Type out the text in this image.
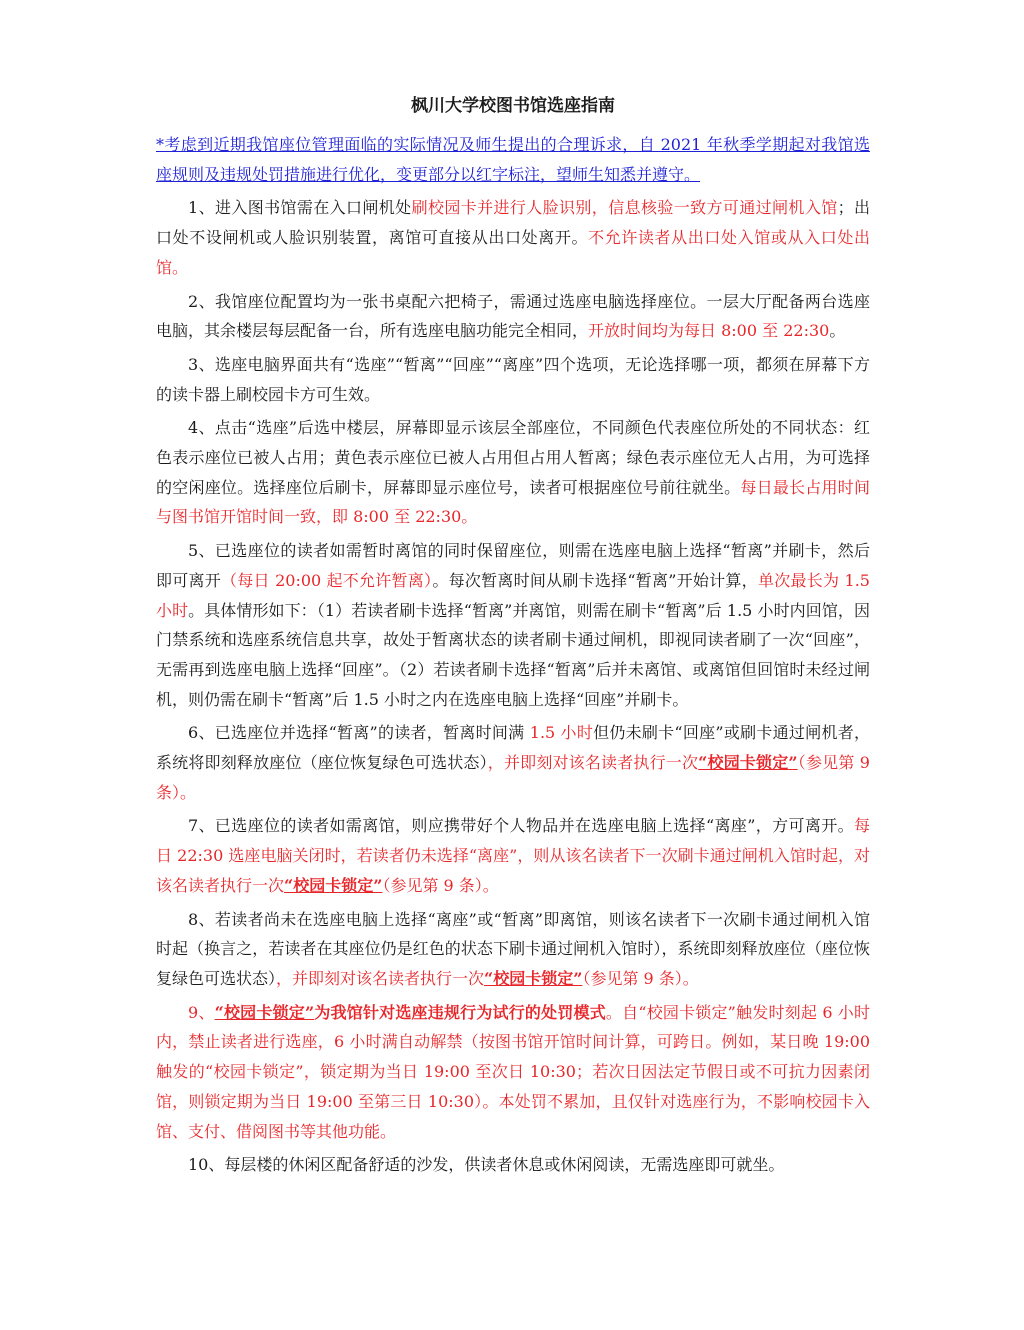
枫川大学校图书馆选座指南
*考虑到近期我馆座位管理面临的实际情况及师生提出的合理诉求，自 2021 年秋季学期起对我馆选座规则及违规处罚措施进行优化，变更部分以红字标注，望师生知悉并遵守。

1、进入图书馆需在入口闸机处刷校园卡并进行人脸识别，信息核验一致方可通过闸机入馆；出口处不设闸机或人脸识别装置，离馆可直接从出口处离开。不允许读者从出口处入馆或从入口处出馆。

2、我馆座位配置均为一张书桌配六把椅子，需通过选座电脑选择座位。一层大厅配备两台选座电脑，其余楼层每层配备一台，所有选座电脑功能完全相同，开放时间均为每日 8:00 至 22:30。

3、选座电脑界面共有“选座”“暂离”“回座”“离座”四个选项，无论选择哪一项，都须在屏幕下方的读卡器上刷校园卡方可生效。

4、点击“选座”后选中楼层，屏幕即显示该层全部座位，不同颜色代表座位所处的不同状态：红色表示座位已被人占用；黄色表示座位已被人占用但占用人暂离；绿色表示座位无人占用，为可选择的空闲座位。选择座位后刷卡，屏幕即显示座位号，读者可根据座位号前往就坐。每日最长占用时间与图书馆开馆时间一致，即 8:00 至 22:30。

5、已选座位的读者如需暂时离馆的同时保留座位，则需在选座电脑上选择“暂离”并刷卡，然后即可离开（每日 20:00 起不允许暂离）。每次暂离时间从刷卡选择“暂离”开始计算，单次最长为 1.5 小时。具体情形如下：（1）若读者刷卡选择“暂离”并离馆，则需在刷卡“暂离”后 1.5 小时内回馆，因门禁系统和选座系统信息共享，故处于暂离状态的读者刷卡通过闸机，即视同读者刷了一次“回座”，无需再到选座电脑上选择“回座”。（2）若读者刷卡选择“暂离”后并未离馆、或离馆但回馆时未经过闸机，则仍需在刷卡“暂离”后 1.5 小时之内在选座电脑上选择“回座”并刷卡。

6、已选座位并选择“暂离”的读者，暂离时间满 1.5 小时但仍未刷卡“回座”或刷卡通过闸机者，系统将即刻释放座位（座位恢复绿色可选状态），并即刻对该名读者执行一次“校园卡锁定”（参见第 9 条）。

7、已选座位的读者如需离馆，则应携带好个人物品并在选座电脑上选择“离座”，方可离开。每日 22:30 选座电脑关闭时，若读者仍未选择“离座”，则从该名读者下一次刷卡通过闸机入馆时起，对该名读者执行一次“校园卡锁定”（参见第 9 条）。

8、若读者尚未在选座电脑上选择“离座”或“暂离”即离馆，则该名读者下一次刷卡通过闸机入馆时起（换言之，若读者在其座位仍是红色的状态下刷卡通过闸机入馆时），系统即刻释放座位（座位恢复绿色可选状态），并即刻对该名读者执行一次“校园卡锁定”（参见第 9 条）。

9、“校园卡锁定”为我馆针对选座违规行为试行的处罚模式。自“校园卡锁定”触发时刻起 6 小时内，禁止读者进行选座，6 小时满自动解禁（按图书馆开馆时间计算，可跨日。例如，某日晚 19:00 触发的“校园卡锁定”，锁定期为当日 19:00 至次日 10:30；若次日因法定节假日或不可抗力因素闭馆，则锁定期为当日 19:00 至第三日 10:30）。本处罚不累加，且仅针对选座行为，不影响校园卡入馆、支付、借阅图书等其他功能。

10、每层楼的休闲区配备舒适的沙发，供读者休息或休闲阅读，无需选座即可就坐。
